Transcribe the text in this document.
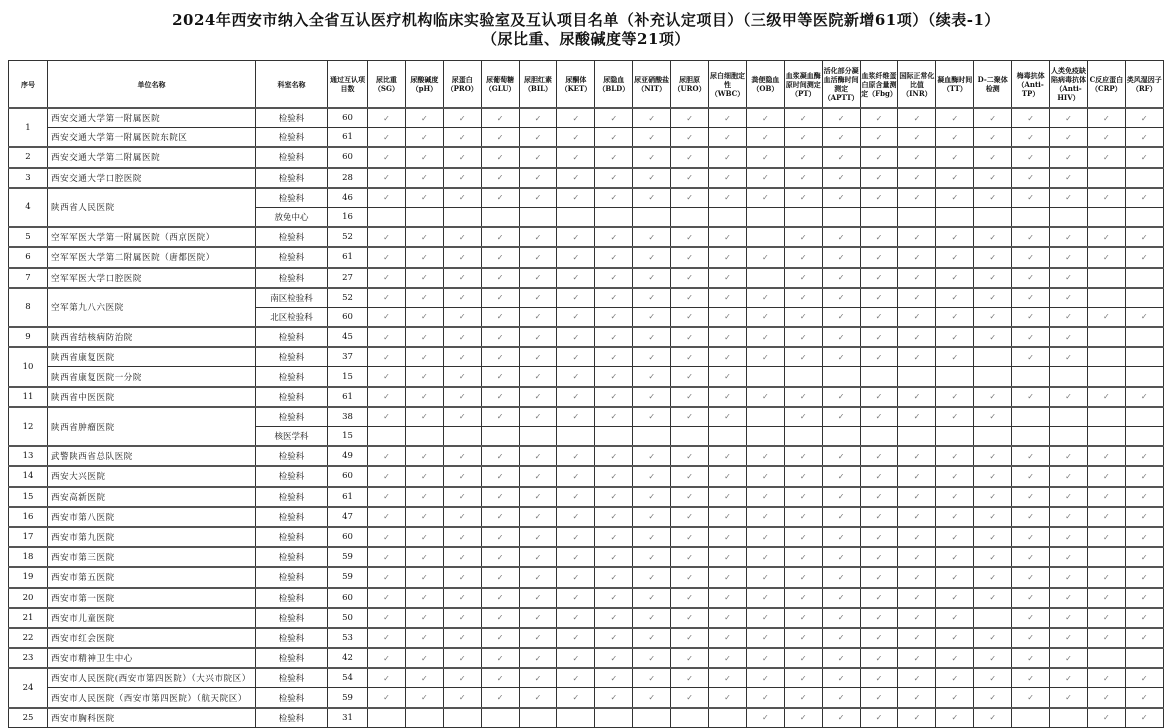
2024年西安市纳入全省互认医疗机构临床实验室及互认项目名单（补充认定项目）（三级甲等医院新增61项）（续表-1）
（尿比重、尿酸碱度等21项）
序号	单位名称	科室名称	通过互认项目数	尿比重（SG）	尿酸碱度（pH）	尿蛋白（PRO）	尿葡萄糖（GLU）	尿胆红素（BIL）	尿酮体（KET）	尿隐血（BLD）	尿亚硝酸盐（NIT）	尿胆原（URO）	尿白细胞定性（WBC）	粪便隐血（OB）	血浆凝血酶原时间测定（PT）	活化部分凝血活酶时间测定（APTT）	血浆纤维蛋白原含量测定（Fbg）	国际正常化比值（INR）	凝血酶时间（TT）	D-二聚体检测	梅毒抗体（Anti-TP）	人类免疫缺陷病毒抗体（Anti-HIV）	C反应蛋白（CRP）	类风湿因子（RF）
1	西安交通大学第一附属医院	检验科	60	✓	✓	✓	✓	✓	✓	✓	✓	✓	✓	✓	✓	✓	✓	✓	✓	✓	✓	✓	✓	✓
	西安交通大学第一附属医院东院区	检验科	61	✓	✓	✓	✓	✓	✓	✓	✓	✓	✓	✓	✓	✓	✓	✓	✓	✓	✓	✓	✓	✓
2	西安交通大学第二附属医院	检验科	60	✓	✓	✓	✓	✓	✓	✓	✓	✓	✓	✓	✓	✓	✓	✓	✓	✓	✓	✓	✓	✓
3	西安交通大学口腔医院	检验科	28	✓	✓	✓	✓	✓	✓	✓	✓	✓	✓	✓	✓	✓	✓	✓	✓	✓	✓	✓		
4	陕西省人民医院	检验科	46	✓	✓	✓	✓	✓	✓	✓	✓	✓	✓	✓	✓	✓	✓	✓	✓	✓	✓	✓	✓	✓
		放免中心	16																					
5	空军军医大学第一附属医院（西京医院）	检验科	52	✓	✓	✓	✓	✓	✓	✓	✓	✓	✓		✓	✓	✓	✓	✓	✓	✓	✓	✓	✓
6	空军军医大学第二附属医院（唐都医院）	检验科	61	✓	✓	✓	✓	✓	✓	✓	✓	✓	✓	✓	✓	✓	✓	✓	✓	✓	✓	✓	✓	✓
7	空军军医大学口腔医院	检验科	27	✓	✓	✓	✓	✓	✓	✓	✓	✓	✓		✓	✓	✓	✓	✓	✓	✓	✓		
8	空军第九八六医院	南区检验科	52	✓	✓	✓	✓	✓	✓	✓	✓	✓	✓	✓	✓	✓	✓	✓	✓	✓	✓	✓		
		北区检验科	60	✓	✓	✓	✓	✓	✓	✓	✓	✓	✓	✓	✓	✓	✓	✓	✓	✓	✓	✓	✓	✓
9	陕西省结核病防治院	检验科	45	✓	✓	✓	✓	✓	✓	✓	✓	✓	✓	✓	✓	✓	✓	✓	✓	✓	✓	✓		
10	陕西省康复医院	检验科	37	✓	✓	✓	✓	✓	✓	✓	✓	✓	✓	✓	✓	✓	✓	✓	✓		✓	✓		
	陕西省康复医院一分院	检验科	15	✓	✓	✓	✓	✓	✓	✓	✓	✓	✓											
11	陕西省中医医院	检验科	61	✓	✓	✓	✓	✓	✓	✓	✓	✓	✓	✓	✓	✓	✓	✓	✓	✓	✓	✓	✓	✓
12	陕西省肿瘤医院	检验科	38	✓	✓	✓	✓	✓	✓	✓	✓	✓	✓		✓	✓	✓	✓	✓	✓				
		核医学科	15																					
13	武警陕西省总队医院	检验科	49	✓	✓	✓	✓	✓	✓	✓	✓	✓	✓	✓	✓	✓	✓	✓	✓	✓	✓	✓	✓	✓
14	西安大兴医院	检验科	60	✓	✓	✓	✓	✓	✓	✓	✓	✓	✓	✓	✓	✓	✓	✓	✓	✓	✓	✓	✓	✓
15	西安高新医院	检验科	61	✓	✓	✓	✓	✓	✓	✓	✓	✓	✓	✓	✓	✓	✓	✓	✓	✓	✓	✓	✓	✓
16	西安市第八医院	检验科	47	✓	✓	✓	✓	✓	✓	✓	✓	✓	✓	✓	✓	✓	✓	✓	✓	✓	✓	✓	✓	✓
17	西安市第九医院	检验科	60	✓	✓	✓	✓	✓	✓	✓	✓	✓	✓	✓	✓	✓	✓	✓	✓	✓	✓	✓	✓	✓
18	西安市第三医院	检验科	59	✓	✓	✓	✓	✓	✓	✓	✓	✓	✓	✓	✓	✓	✓	✓	✓	✓	✓	✓		✓
19	西安市第五医院	检验科	59	✓	✓	✓	✓	✓	✓	✓	✓	✓	✓	✓	✓	✓	✓	✓	✓	✓	✓	✓	✓	✓
20	西安市第一医院	检验科	60	✓	✓	✓	✓	✓	✓	✓	✓	✓	✓	✓	✓	✓	✓	✓	✓	✓	✓	✓	✓	✓
21	西安市儿童医院	检验科	50	✓	✓	✓	✓	✓	✓	✓	✓	✓	✓	✓	✓	✓	✓	✓	✓		✓	✓	✓	✓
22	西安市红会医院	检验科	53	✓	✓	✓	✓	✓	✓	✓	✓	✓	✓	✓	✓	✓	✓	✓	✓	✓	✓	✓	✓	✓
23	西安市精神卫生中心	检验科	42	✓	✓	✓	✓	✓	✓	✓	✓	✓	✓	✓	✓	✓	✓	✓	✓	✓	✓	✓		
24	西安市人民医院(西安市第四医院）（大兴市院区）	检验科	54	✓	✓	✓	✓	✓	✓	✓	✓	✓	✓	✓	✓	✓	✓	✓	✓	✓	✓	✓	✓	✓
	西安市人民医院（西安市第四医院）（航天院区）	检验科	59	✓	✓	✓	✓	✓	✓	✓	✓	✓	✓	✓	✓	✓	✓	✓	✓	✓	✓	✓	✓	✓
25	西安市胸科医院	检验科	31											✓	✓	✓	✓	✓	✓	✓			✓	✓
